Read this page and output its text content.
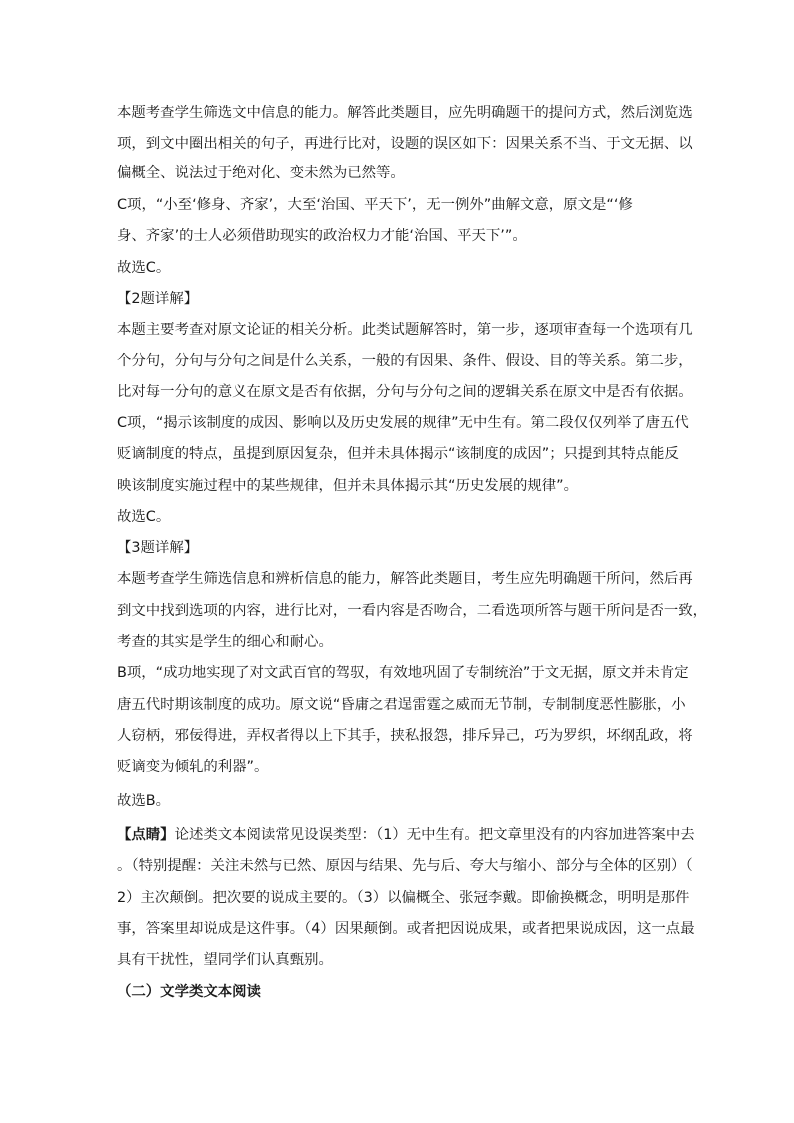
本题考查学生筛选文中信息的能力。解答此类题目，应先明确题干的提问方式，然后浏览选
项，到文中圈出相关的句子，再进行比对，设题的误区如下：因果关系不当、于文无据、以
偏概全、说法过于绝对化、变未然为已然等。
C项，“小至‘修身、齐家’，大至‘治国、平天下’，无一例外”曲解文意，原文是“‘修
身、齐家’的士人必须借助现实的政治权力才能‘治国、平天下’”。
故选C。
【2题详解】
本题主要考查对原文论证的相关分析。此类试题解答时，第一步，逐项审查每一个选项有几
个分句，分句与分句之间是什么关系，一般的有因果、条件、假设、目的等关系。第二步，
比对每一分句的意义在原文是否有依据，分句与分句之间的逻辑关系在原文中是否有依据。
C项，“揭示该制度的成因、影响以及历史发展的规律”无中生有。第二段仅仅列举了唐五代
贬谪制度的特点，虽提到原因复杂，但并未具体揭示“该制度的成因”；只提到其特点能反
映该制度实施过程中的某些规律，但并未具体揭示其“历史发展的规律”。
故选C。
【3题详解】
本题考查学生筛选信息和辨析信息的能力，解答此类题目，考生应先明确题干所问，然后再
到文中找到选项的内容，进行比对，一看内容是否吻合，二看选项所答与题干所问是否一致，
考查的其实是学生的细心和耐心。
B项，“成功地实现了对文武百官的驾驭，有效地巩固了专制统治”于文无据，原文并未肯定
唐五代时期该制度的成功。原文说“昏庸之君逞雷霆之威而无节制，专制制度恶性膨胀，小
人窃柄，邪佞得进，弄权者得以上下其手，挟私报怨，排斥异己，巧为罗织，坏纲乱政，将
贬谪变为倾轧的利器”。
故选B。
【点睛】论述类文本阅读常见设误类型：（1）无中生有。把文章里没有的内容加进答案中去
。（特别提醒：关注未然与已然、原因与结果、先与后、夸大与缩小、部分与全体的区别）（
2）主次颠倒。把次要的说成主要的。（3）以偏概全、张冠李戴。即偷换概念，明明是那件
事，答案里却说成是这件事。（4）因果颠倒。或者把因说成果，或者把果说成因，这一点最
具有干扰性，望同学们认真甄别。
（二）文学类文本阅读
